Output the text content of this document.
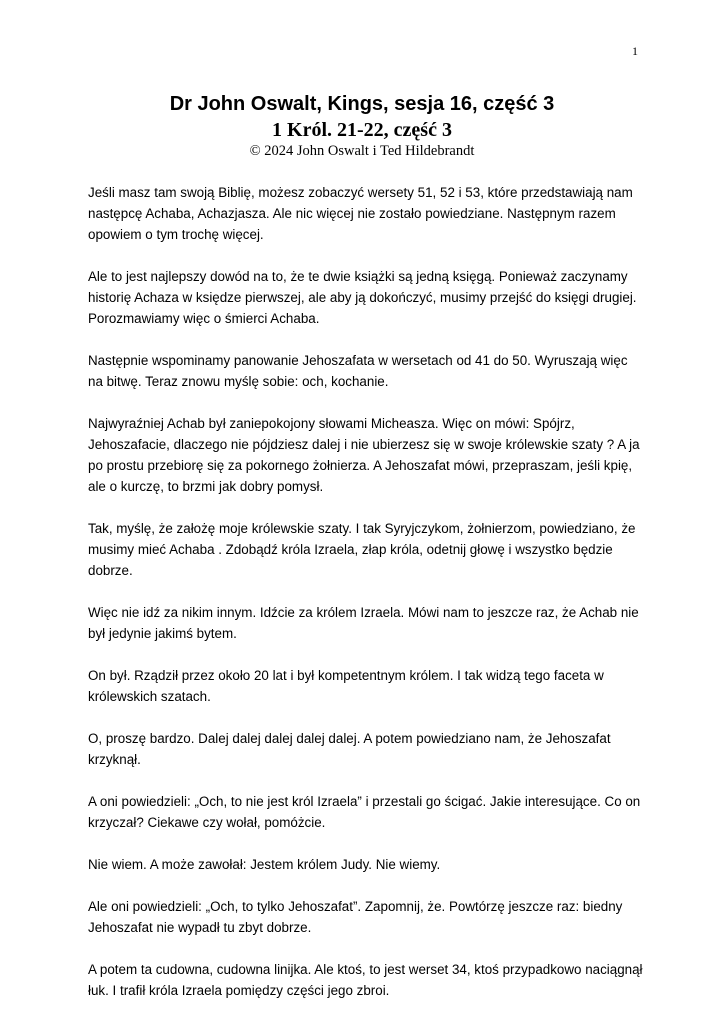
1
Dr John Oswalt, Kings, sesja 16, część 3
1 Król. 21-22, część 3
© 2024 John Oswalt i Ted Hildebrandt

Jeśli masz tam swoją Biblię, możesz zobaczyć wersety 51, 52 i 53, które przedstawiają nam następcę Achaba, Achazjasza. Ale nic więcej nie zostało powiedziane. Następnym razem opowiem o tym trochę więcej.

Ale to jest najlepszy dowód na to, że te dwie książki są jedną księgą. Ponieważ zaczynamy historię Achaza w księdze pierwszej, ale aby ją dokończyć, musimy przejść do księgi drugiej. Porozmawiamy więc o śmierci Achaba.

Następnie wspominamy panowanie Jehoszafata w wersetach od 41 do 50. Wyruszają więc na bitwę. Teraz znowu myślę sobie: och, kochanie.

Najwyraźniej Achab był zaniepokojony słowami Micheasza. Więc on mówi: Spójrz, Jehoszafacie, dlaczego nie pójdziesz dalej i nie ubierzesz się w swoje królewskie szaty ? A ja po prostu przebiorę się za pokornego żołnierza. A Jehoszafat mówi, przepraszam, jeśli kpię, ale o kurczę, to brzmi jak dobry pomysł.

Tak, myślę, że założę moje królewskie szaty. I tak Syryjczykom, żołnierzom, powiedziano, że musimy mieć Achaba . Zdobądź króla Izraela, złap króla, odetnij głowę i wszystko będzie dobrze.

Więc nie idź za nikim innym. Idźcie za królem Izraela. Mówi nam to jeszcze raz, że Achab nie był jedynie jakimś bytem.

On był. Rządził przez około 20 lat i był kompetentnym królem. I tak widzą tego faceta w królewskich szatach.

O, proszę bardzo. Dalej dalej dalej dalej dalej. A potem powiedziano nam, że Jehoszafat krzyknął.

A oni powiedzieli: „Och, to nie jest król Izraela” i przestali go ścigać. Jakie interesujące. Co on krzyczał? Ciekawe czy wołał, pomóżcie.

Nie wiem. A może zawołał: Jestem królem Judy. Nie wiemy.

Ale oni powiedzieli: „Och, to tylko Jehoszafat”. Zapomnij, że. Powtórzę jeszcze raz: biedny Jehoszafat nie wypadł tu zbyt dobrze.

A potem ta cudowna, cudowna linijka. Ale ktoś, to jest werset 34, ktoś przypadkowo naciągnął łuk. I trafił króla Izraela pomiędzy części jego zbroi.
